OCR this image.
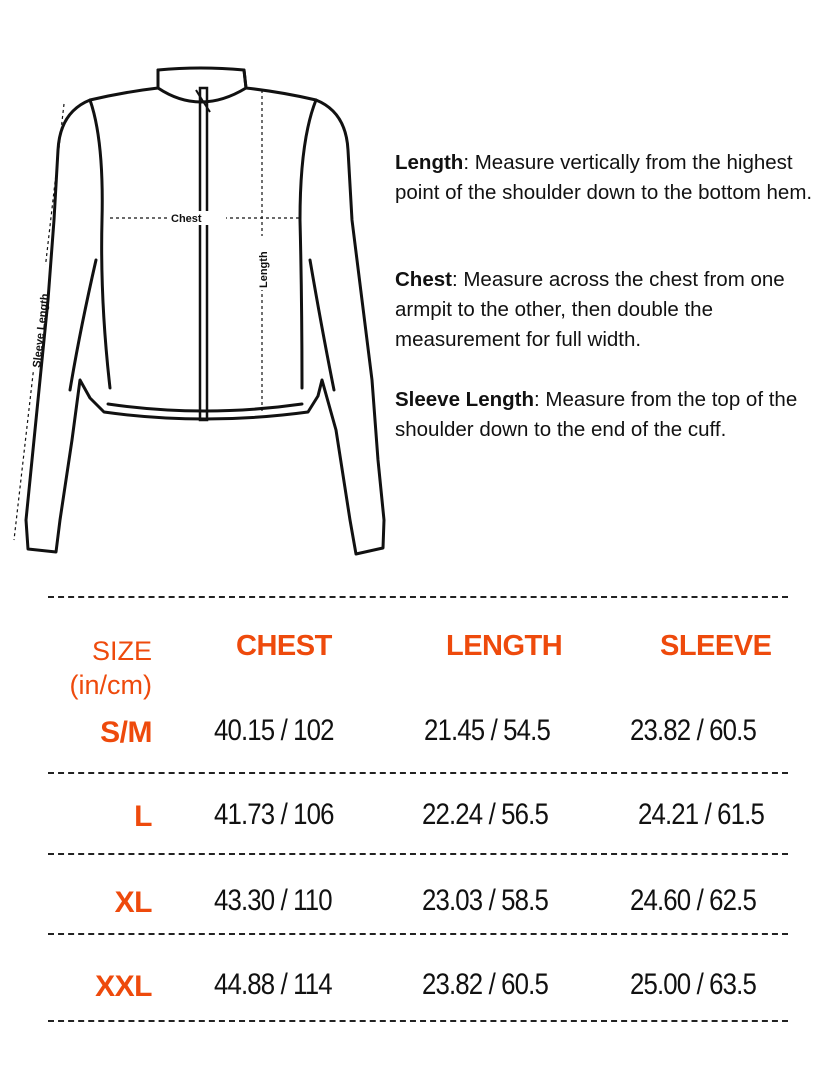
Chest
Length
Sleeve Length
Length: Measure vertically from the highest point of the shoulder down to the bottom hem.
Chest: Measure across the chest from one armpit to the other, then double the measurement for full width.
Sleeve Length: Measure from the top of the shoulder down to the end of the cuff.
SIZE
(in/cm)
CHEST	LENGTH	SLEEVE
S/M 40.15 / 102	21.45 / 54.5	23.82 / 60.5
L 41.73 / 106	22.24 / 56.5	24.21 / 61.5
XL 43.30 / 110	23.03 / 58.5	24.60 / 62.5
XXL 44.88 / 114	23.82 / 60.5	25.00 / 63.5
